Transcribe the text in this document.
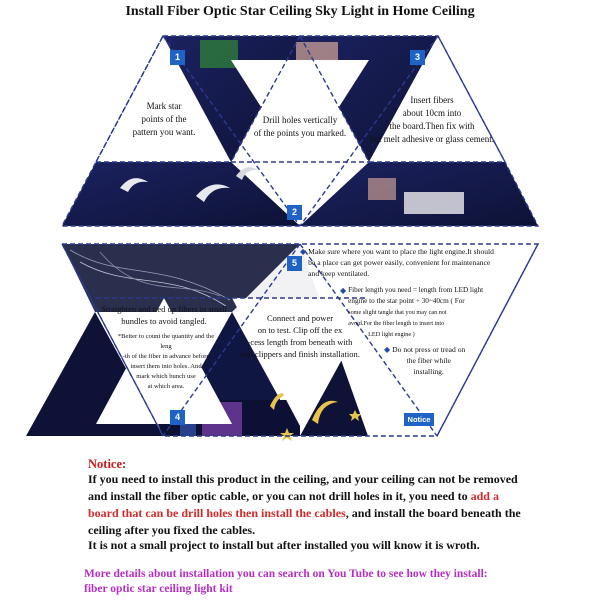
Install Fiber Optic Star Ceiling Sky Light in Home Ceiling
1
2
3
4
5
Mark star
points of the
pattern you want.
Drill holes vertically
of the points you marked.
Insert fibers
about 10cm into
the board.Then fix with
hot melt adhesive or glass cement.
Straighten and tied up fibers in small
bundles to avoid tangled.
*Better to count the quantity and the leng
-th of the fiber in advance before
insert them into holes. And
mark which bunch use
at which area.
Connect and power
on to test. Clip off the ex
-cess length from beneath with
nail clippers and finish installation.
◆ Make sure where you want to place the light engine.It should
be a place can get power easily, convenient for maintenance
and keep ventilated.
◆ Fiber length you need = length from LED light
engine to the star point + 30~40cm ( For
some slight tangle that you may can not
avoid.For the fiber length to insert into
LED light engine )
◆ Do not press or tread on
the fiber while
installing.
Notice
Notice:
If you need to install this product in the ceiling, and your ceiling can not be removed and install the fiber optic cable, or you can not drill holes in it, you need to add a board that can be drill holes then install the cables, and install the board beneath the ceiling after you fixed the cables.
It is not a small project to install but after installed you will know it is wroth.
More details about installation you can search on You Tube to see how they install:
fiber optic star ceiling light kit
